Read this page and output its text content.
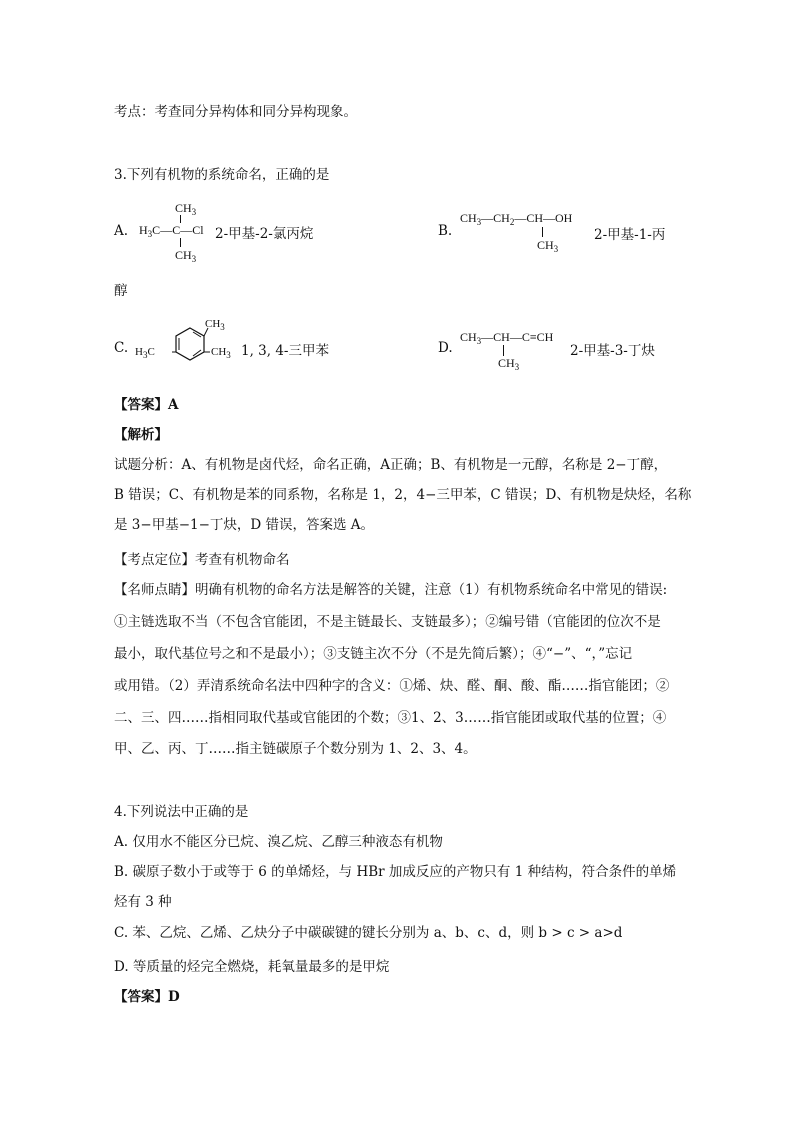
考点：考查同分异构体和同分异构现象。
3.下列有机物的系统命名，正确的是
A.
$CH_3$
$H_3C—C—Cl$
$CH_3$
2-甲基-2-氯丙烷	B.
$CH_3—CH_2—CH—OH$
$CH_3$
2-甲基-1-丙
醇
C.
$CH_3$
$H_3C$	$CH_3$ 1, 3, 4-三甲苯	D.
$CH_3—CH—C\equiv CH$
$CH_3$
2-甲基-3-丁炔
【答案】A
【解析】
试题分析：A、有机物是卤代烃，命名正确，A正确；B、有机物是一元醇，名称是 2−丁醇，
B 错误；C、有机物是苯的同系物，名称是 1，2，4−三甲苯，C 错误；D、有机物是炔烃，名称
是 3−甲基−1−丁炔，D 错误，答案选 A。
【考点定位】考查有机物命名
【名师点睛】明确有机物的命名方法是解答的关键，注意（1）有机物系统命名中常见的错误:
①主链选取不当（不包含官能团，不是主链最长、支链最多）；②编号错（官能团的位次不是
最小，取代基位号之和不是最小）；③支链主次不分（不是先简后繁）；④“−”、“，”忘记
或用错。（2）弄清系统命名法中四种字的含义：①烯、炔、醛、酮、酸、酯……指官能团；②
二、三、四……指相同取代基或官能团的个数；③1、2、3……指官能团或取代基的位置；④
甲、乙、丙、丁……指主链碳原子个数分别为 1、2、3、4。
4.下列说法中正确的是
A. 仅用水不能区分已烷、溴乙烷、乙醇三种液态有机物
B. 碳原子数小于或等于 6 的单烯烃，与 HBr 加成反应的产物只有 1 种结构，符合条件的单烯
烃有 3 种
C. 苯、乙烷、乙烯、乙炔分子中碳碳键的键长分别为 a、b、c、d，则 b > c > a>d
D. 等质量的烃完全燃烧，耗氧量最多的是甲烷
【答案】D
